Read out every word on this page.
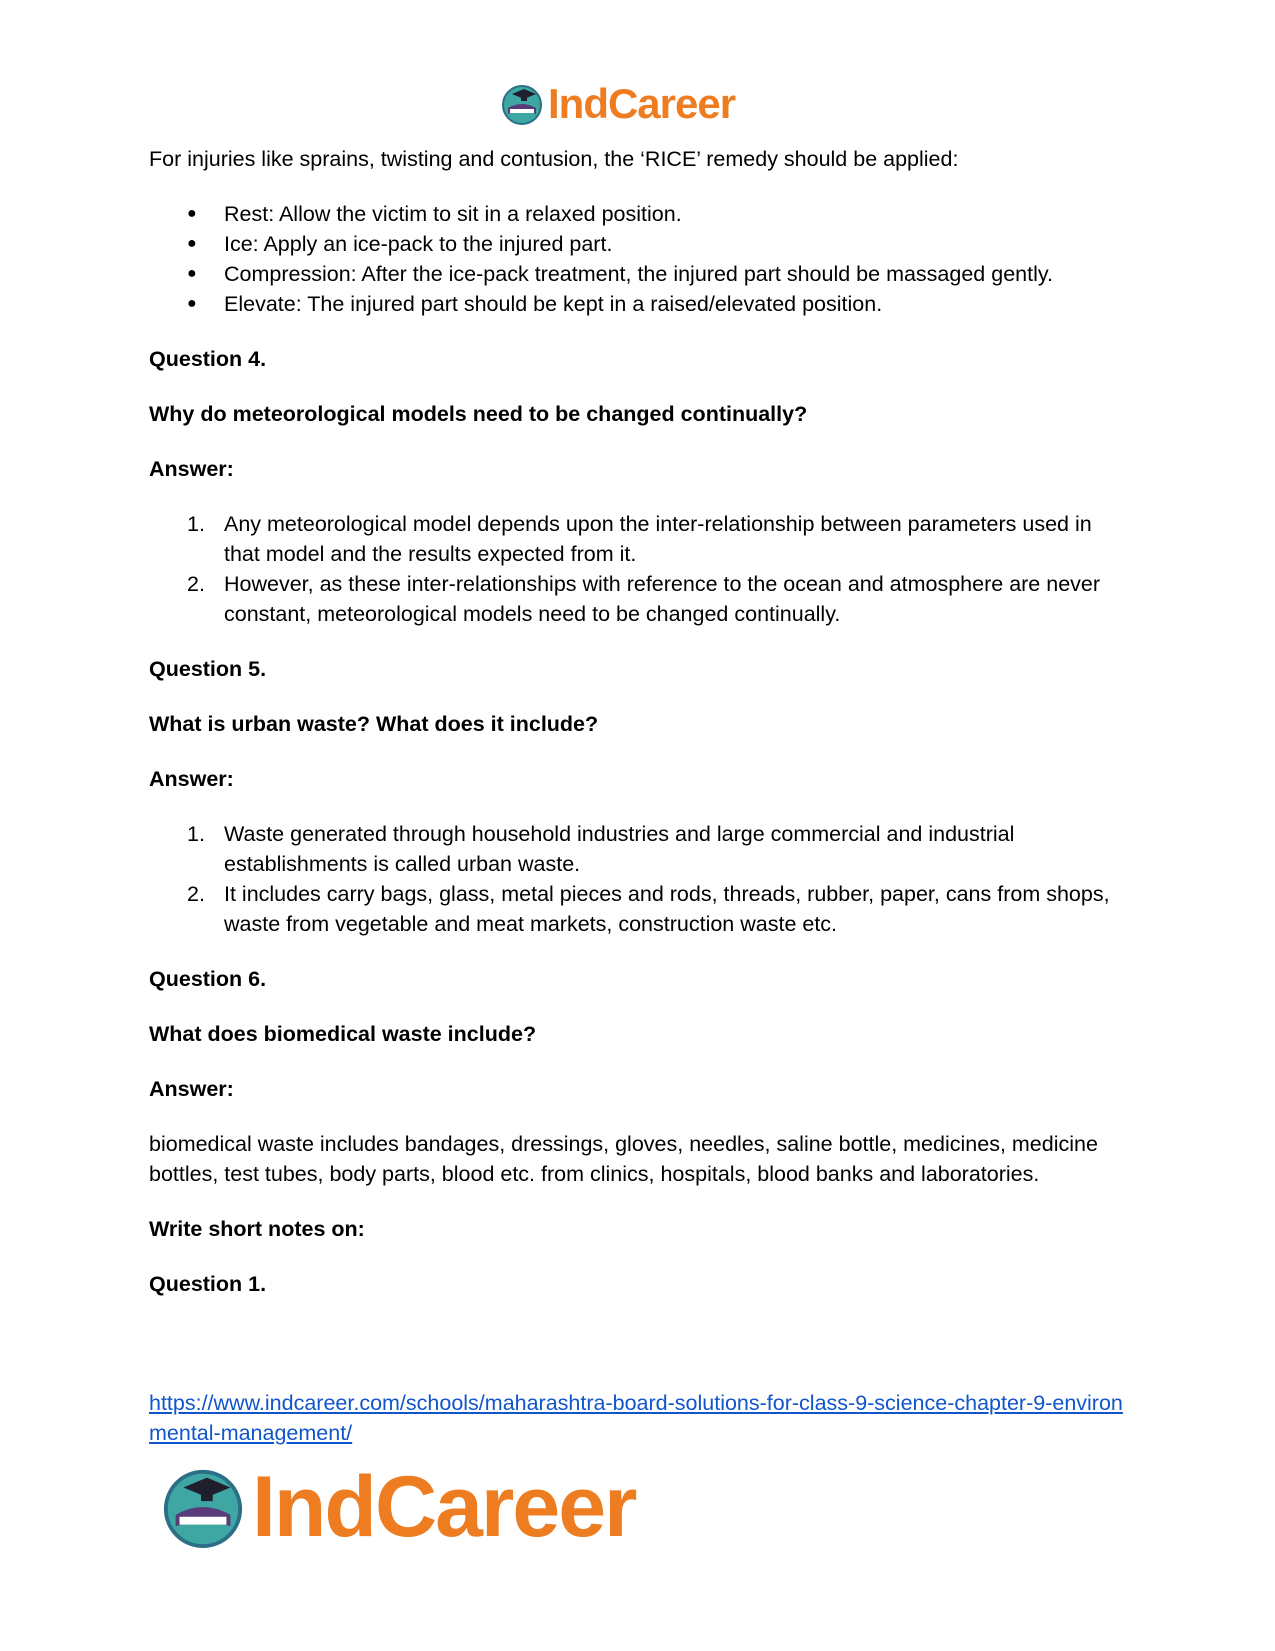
IndCareer

For injuries like sprains, twisting and contusion, the ‘RICE’ remedy should be applied:

● Rest: Allow the victim to sit in a relaxed position.
● Ice: Apply an ice-pack to the injured part.
● Compression: After the ice-pack treatment, the injured part should be massaged gently.
● Elevate: The injured part should be kept in a raised/elevated position.

Question 4.

Why do meteorological models need to be changed continually?

Answer:

1. Any meteorological model depends upon the inter-relationship between parameters used in that model and the results expected from it.
2. However, as these inter-relationships with reference to the ocean and atmosphere are never constant, meteorological models need to be changed continually.

Question 5.

What is urban waste? What does it include?

Answer:

1. Waste generated through household industries and large commercial and industrial establishments is called urban waste.
2. It includes carry bags, glass, metal pieces and rods, threads, rubber, paper, cans from shops, waste from vegetable and meat markets, construction waste etc.

Question 6.

What does biomedical waste include?

Answer:

biomedical waste includes bandages, dressings, gloves, needles, saline bottle, medicines, medicine bottles, test tubes, body parts, blood etc. from clinics, hospitals, blood banks and laboratories.

Write short notes on:

Question 1.

https://www.indcareer.com/schools/maharashtra-board-solutions-for-class-9-science-chapter-9-environmental-management/
IndCareer
